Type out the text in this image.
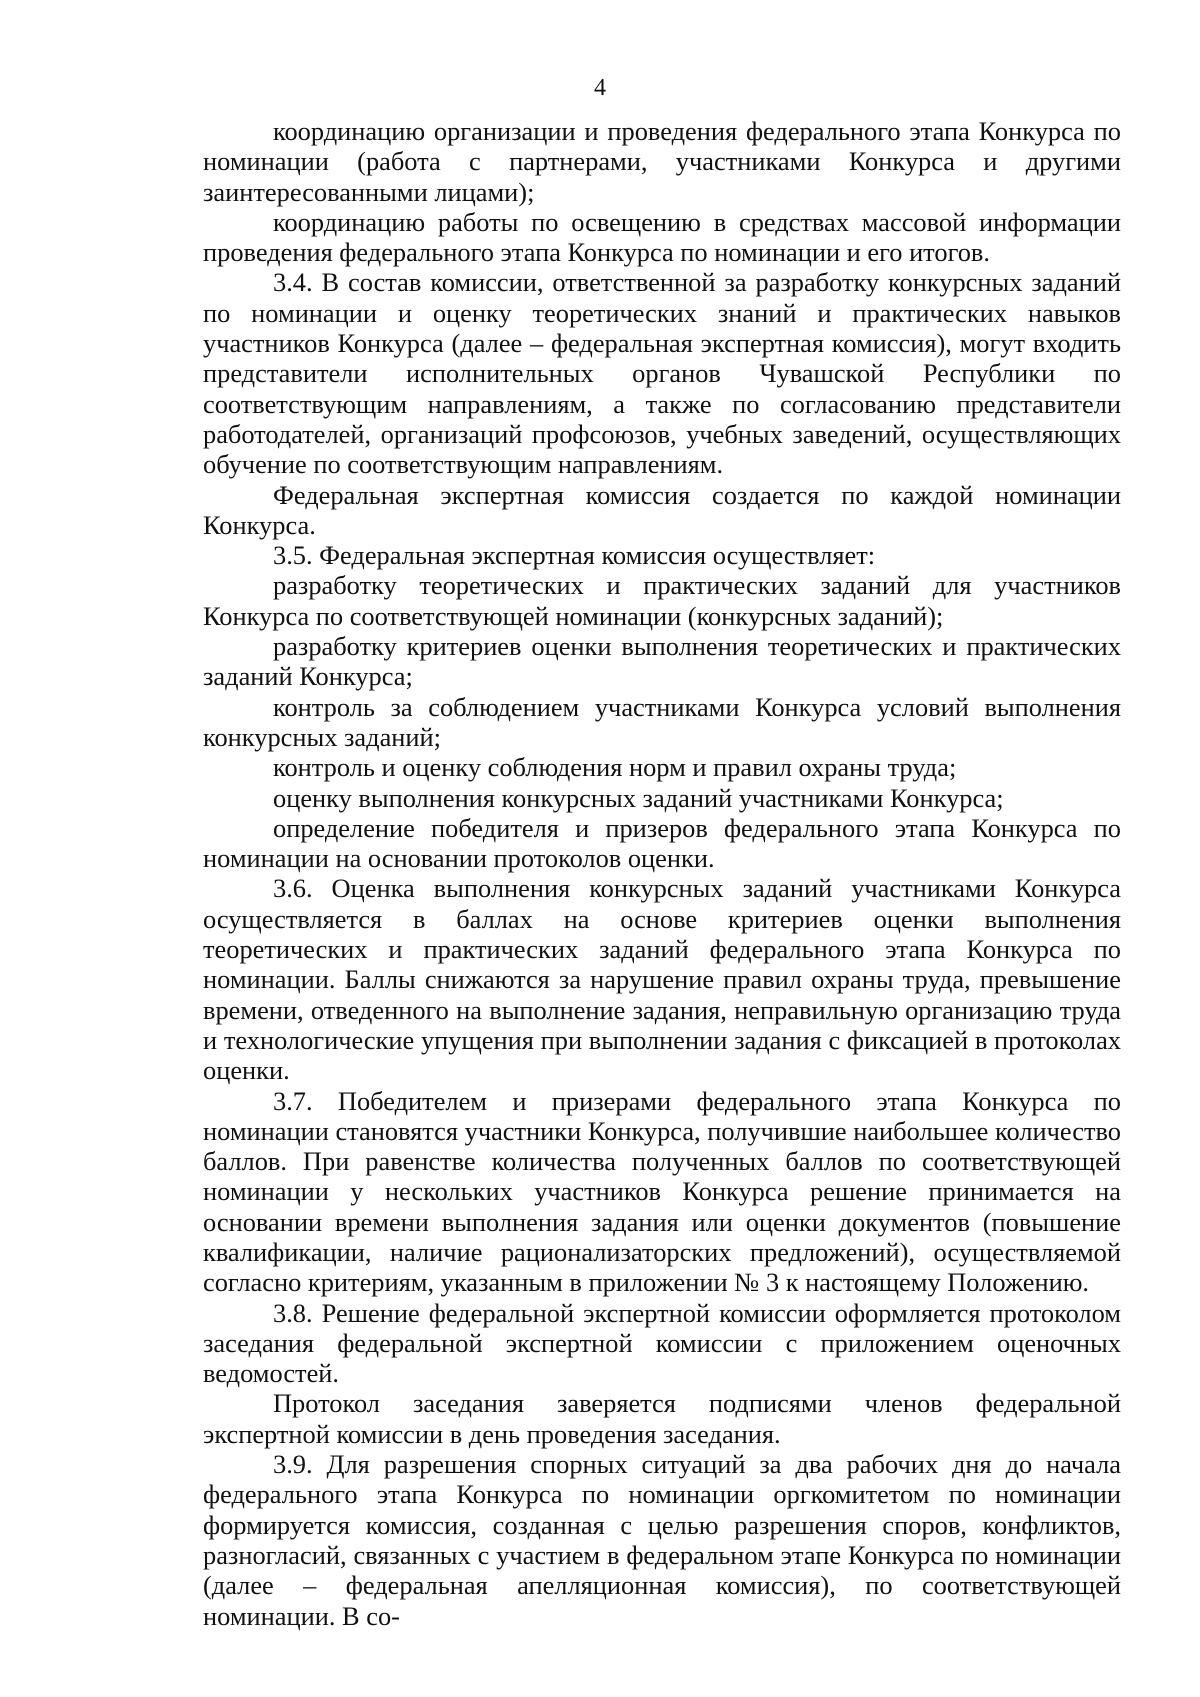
4

координацию организации и проведения федерального этапа Конкурса по номинации (работа с партнерами, участниками Конкурса и другими заинтересованными лицами);

координацию работы по освещению в средствах массовой информации проведения федерального этапа Конкурса по номинации и его итогов.

3.4. В состав комиссии, ответственной за разработку конкурсных заданий по номинации и оценку теоретических знаний и практических навыков участников Конкурса (далее – федеральная экспертная комиссия), могут входить представители исполнительных органов Чувашской Республики по соответствующим направлениям, а также по согласованию представители работодателей, организаций профсоюзов, учебных заведений, осуществляющих обучение по соответствующим направлениям.

Федеральная экспертная комиссия создается по каждой номинации Конкурса.

3.5. Федеральная экспертная комиссия осуществляет:

разработку теоретических и практических заданий для участников Конкурса по соответствующей номинации (конкурсных заданий);

разработку критериев оценки выполнения теоретических и практических заданий Конкурса;

контроль за соблюдением участниками Конкурса условий выполнения конкурсных заданий;

контроль и оценку соблюдения норм и правил охраны труда;

оценку выполнения конкурсных заданий участниками Конкурса;

определение победителя и призеров федерального этапа Конкурса по номинации на основании протоколов оценки.

3.6. Оценка выполнения конкурсных заданий участниками Конкурса осуществляется в баллах на основе критериев оценки выполнения теоретических и практических заданий федерального этапа Конкурса по номинации. Баллы снижаются за нарушение правил охраны труда, превышение времени, отведенного на выполнение задания, неправильную организацию труда и технологические упущения при выполнении задания с фиксацией в протоколах оценки.

3.7. Победителем и призерами федерального этапа Конкурса по номинации становятся участники Конкурса, получившие наибольшее количество баллов. При равенстве количества полученных баллов по соответствующей номинации у нескольких участников Конкурса решение принимается на основании времени выполнения задания или оценки документов (повышение квалификации, наличие рационализаторских предложений), осуществляемой согласно критериям, указанным в приложении № 3 к настоящему Положению.

3.8. Решение федеральной экспертной комиссии оформляется протоколом заседания федеральной экспертной комиссии с приложением оценочных ведомостей.

Протокол заседания заверяется подписями членов федеральной экспертной комиссии в день проведения заседания.

3.9. Для разрешения спорных ситуаций за два рабочих дня до начала федерального этапа Конкурса по номинации оргкомитетом по номинации формируется комиссия, созданная с целью разрешения споров, конфликтов, разногласий, связанных с участием в федеральном этапе Конкурса по номинации (далее – федеральная апелляционная комиссия), по соответствующей номинации. В со-
